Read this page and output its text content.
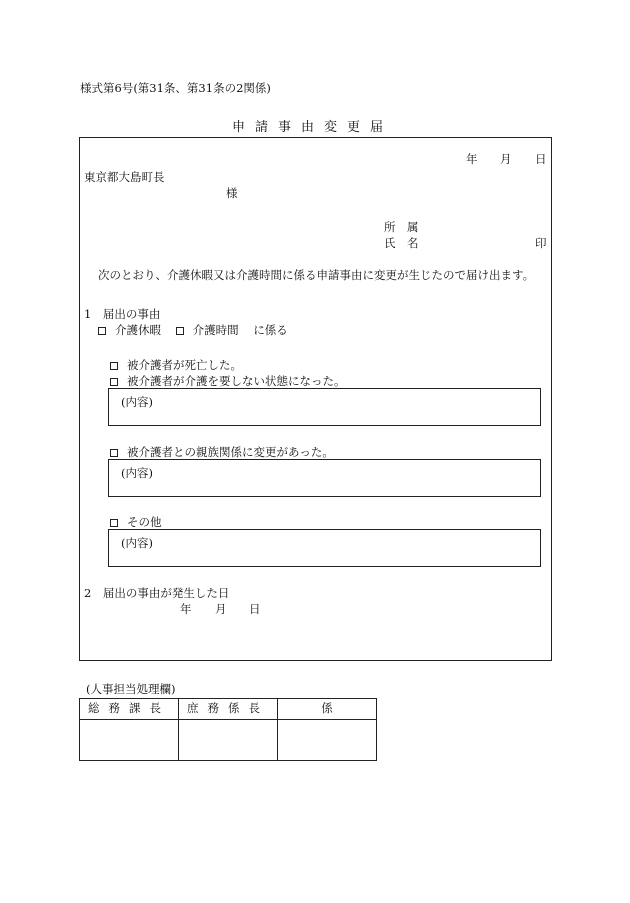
様式第6号(第31条、第31条の2関係)
申請事由変更届
年 月 日
東京都大島町長
様
所　属
氏　名	印
次のとおり、介護休暇又は介護時間に係る申請事由に変更が生じたので届け出ます。
1　届出の事由
介護休暇	介護時間 に係る
被介護者が死亡した。
被介護者が介護を要しない状態になった。
(内容)
被介護者との親族関係に変更があった。
(内容)
その他
(内容)
2　届出の事由が発生した日
年 月 日
(人事担当処理欄)
総務課長	庶務係長	係
